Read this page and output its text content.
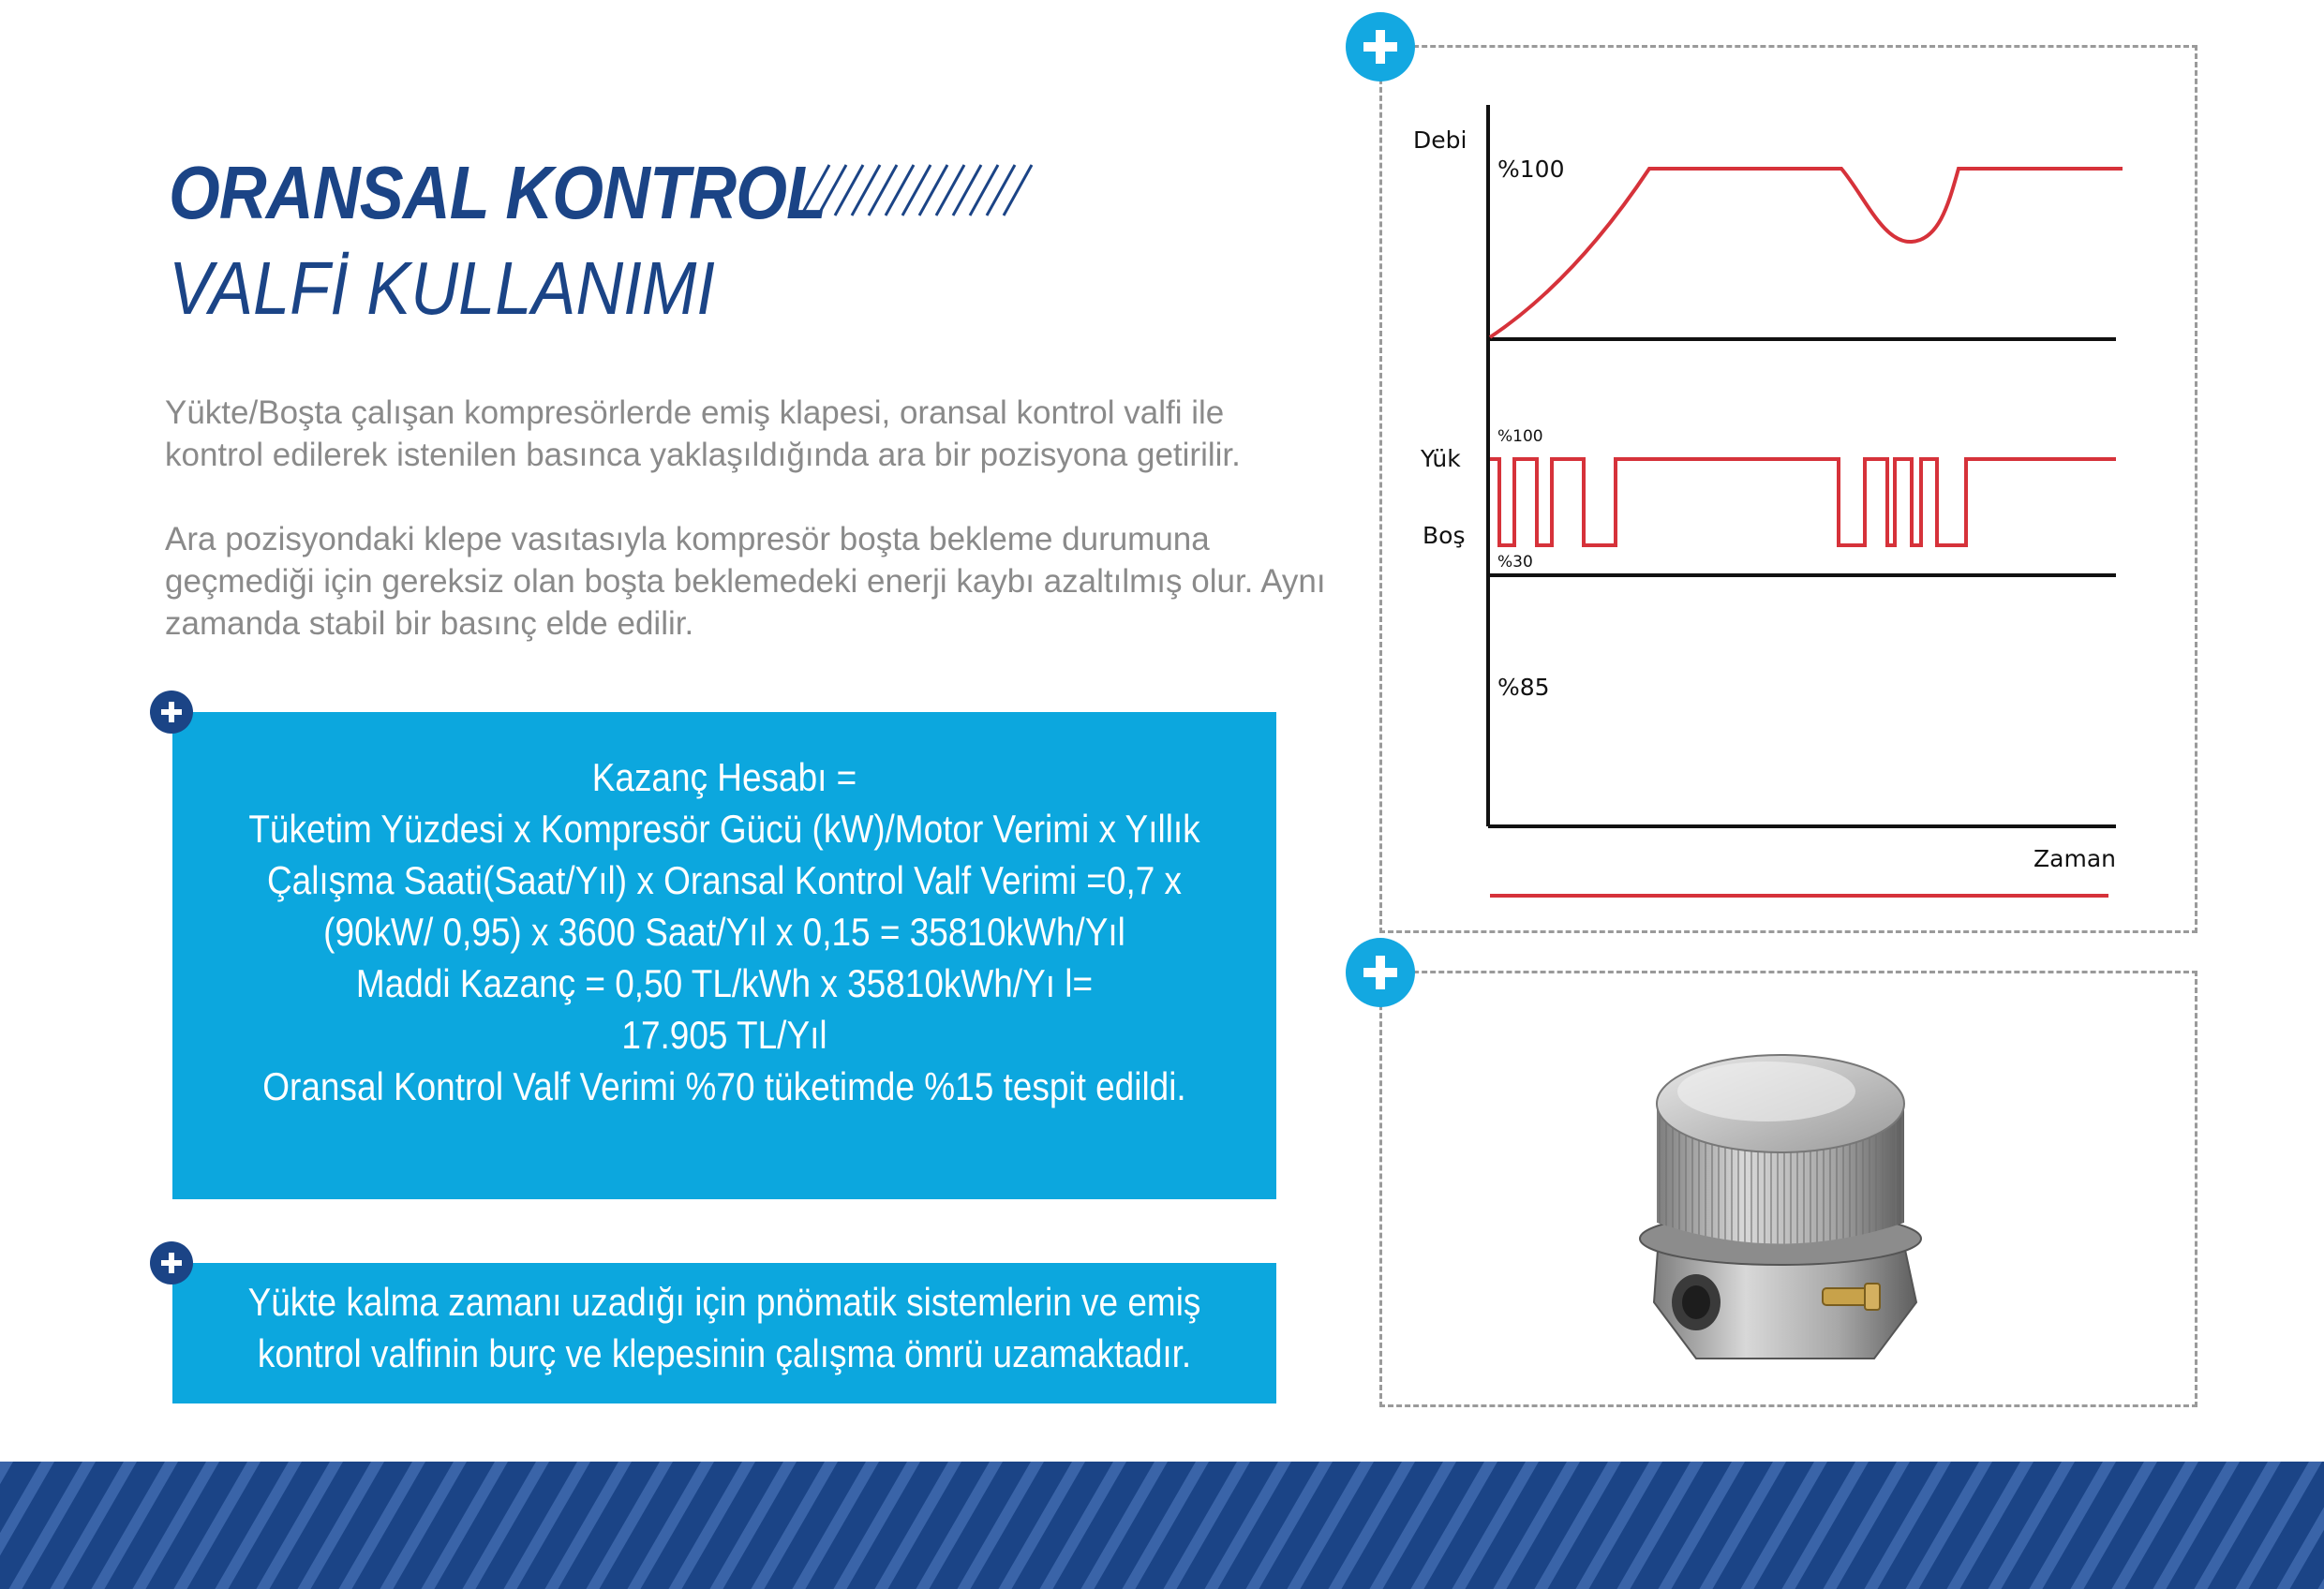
ORANSAL KONTROL
VALFİ KULLANIMI

Yükte/Boşta çalışan kompresörlerde emiş klapesi, oransal kontrol valfi ile kontrol edilerek istenilen basınca yaklaşıldığında ara bir pozisyona getirilir.

Ara pozisyondaki klepe vasıtasıyla kompresör boşta bekleme durumuna geçmediği için gereksiz olan boşta beklemedeki enerji kaybı azaltılmış olur. Aynı zamanda stabil bir basınç elde edilir.

Kazanç Hesabı =
Tüketim Yüzdesi x Kompresör Gücü (kW)/Motor Verimi x Yıllık
Çalışma Saati(Saat/Yıl) x Oransal Kontrol Valf Verimi =0,7 x
(90kW/ 0,95) x 3600 Saat/Yıl x 0,15 = 35810kWh/Yıl
Maddi Kazanç = 0,50 TL/kWh x 35810kWh/Yı l=
17.905 TL/Yıl
Oransal Kontrol Valf Verimi %70 tüketimde %15 tespit edildi.
Yükte kalma zamanı uzadığı için pnömatik sistemlerin ve emiş
kontrol valfinin burç ve klepesinin çalışma ömrü uzamaktadır.
Debi
%100
Yük
Boş
%100
%30
%85
Zaman
